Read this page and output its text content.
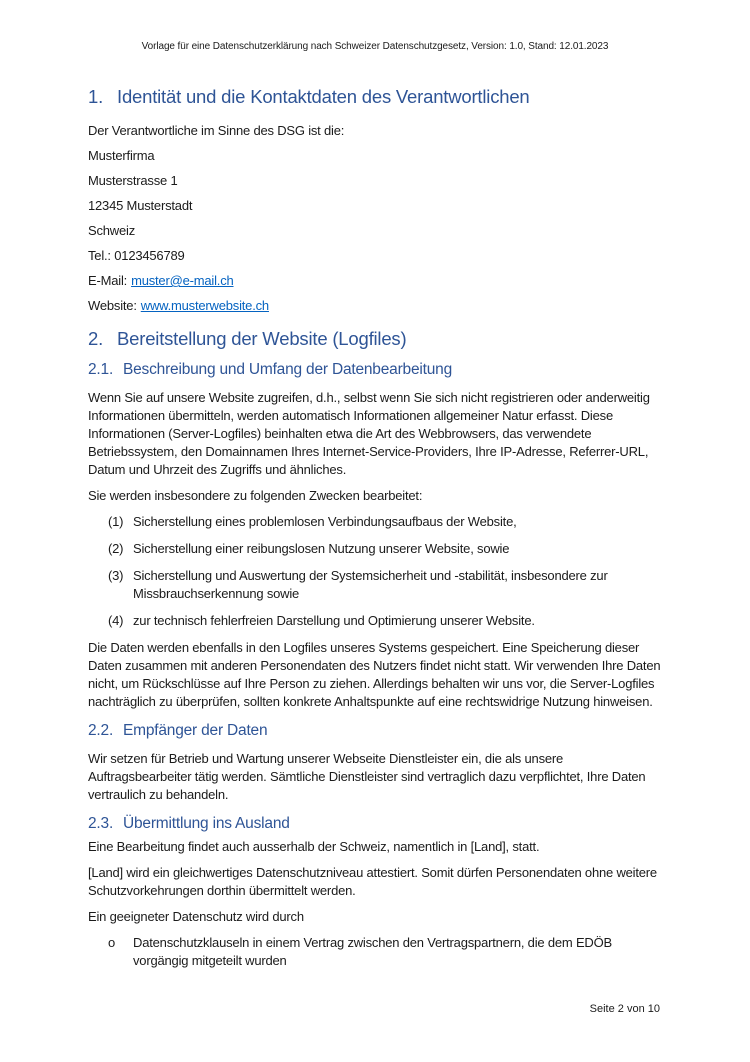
Vorlage für eine Datenschutzerklärung nach Schweizer Datenschutzgesetz, Version: 1.0, Stand: 12.01.2023
1. Identität und die Kontaktdaten des Verantwortlichen

Der Verantwortliche im Sinne des DSG ist die:

Musterfirma

Musterstrasse 1

12345 Musterstadt

Schweiz

Tel.: 0123456789

E-Mail: muster@e-mail.ch

Website: www.musterwebsite.ch

2. Bereitstellung der Website (Logfiles)
2.1. Beschreibung und Umfang der Datenbearbeitung

Wenn Sie auf unsere Website zugreifen, d.h., selbst wenn Sie sich nicht registrieren oder anderweitig Informationen übermitteln, werden automatisch Informationen allgemeiner Natur erfasst. Diese Informationen (Server-Logfiles) beinhalten etwa die Art des Webbrowsers, das verwendete Betriebssystem, den Domainnamen Ihres Internet-Service-Providers, Ihre IP-Adresse, Referrer-URL, Datum und Uhrzeit des Zugriffs und ähnliches.

Sie werden insbesondere zu folgenden Zwecken bearbeitet:

(1) Sicherstellung eines problemlosen Verbindungsaufbaus der Website,
(2) Sicherstellung einer reibungslosen Nutzung unserer Website, sowie
(3) Sicherstellung und Auswertung der Systemsicherheit und -stabilität, insbesondere zur Missbrauchserkennung sowie
(4) zur technisch fehlerfreien Darstellung und Optimierung unserer Website.

Die Daten werden ebenfalls in den Logfiles unseres Systems gespeichert. Eine Speicherung dieser Daten zusammen mit anderen Personendaten des Nutzers findet nicht statt. Wir verwenden Ihre Daten nicht, um Rückschlüsse auf Ihre Person zu ziehen. Allerdings behalten wir uns vor, die Server-Logfiles nachträglich zu überprüfen, sollten konkrete Anhaltspunkte auf eine rechtswidrige Nutzung hinweisen.

2.2. Empfänger der Daten

Wir setzen für Betrieb und Wartung unserer Webseite Dienstleister ein, die als unsere Auftragsbearbeiter tätig werden. Sämtliche Dienstleister sind vertraglich dazu verpflichtet, Ihre Daten vertraulich zu behandeln.

2.3. Übermittlung ins Ausland

Eine Bearbeitung findet auch ausserhalb der Schweiz, namentlich in [Land], statt.

[Land] wird ein gleichwertiges Datenschutzniveau attestiert. Somit dürfen Personendaten ohne weitere Schutzvorkehrungen dorthin übermittelt werden.

Ein geeigneter Datenschutz wird durch

o	Datenschutzklauseln in einem Vertrag zwischen den Vertragspartnern, die dem EDÖB vorgängig mitgeteilt wurden
Seite 2 von 10
